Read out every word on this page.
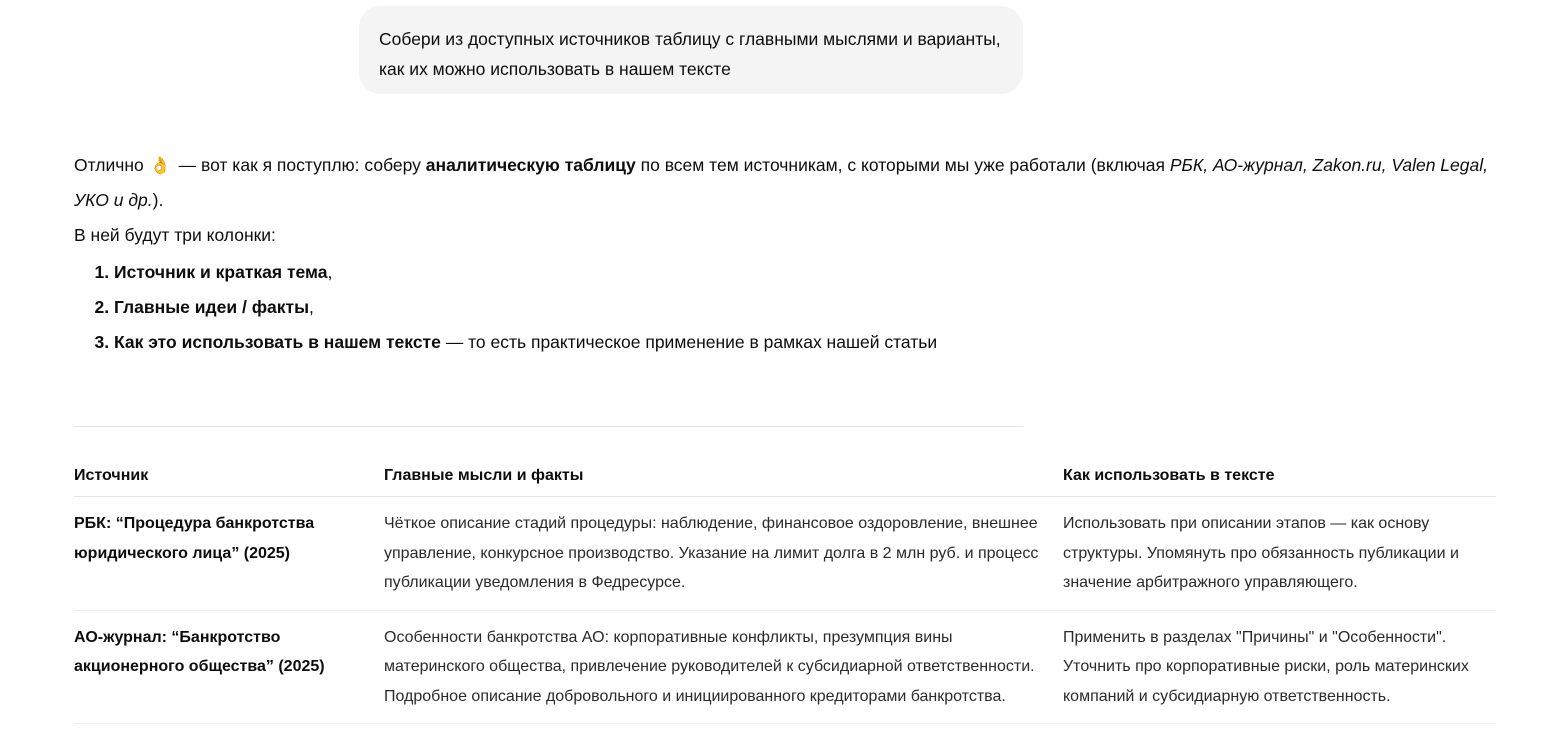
Собери из доступных источников таблицу с главными мыслями и варианты, как их можно использовать в нашем тексте

Отлично 👌 — вот как я поступлю: соберу аналитическую таблицу по всем тем источникам, с которыми мы уже работали (включая РБК, АО-журнал, Zakon.ru, Valen Legal, УКО и др.).

В ней будут три колонки:

1. Источник и краткая тема,
2. Главные идеи / факты,
3. Как это использовать в нашем тексте — то есть практическое применение в рамках нашей статьи
Источник	Главные мысли и факты	Как использовать в тексте
РБК: “Процедура банкротства юридического лица” (2025)	Чёткое описание стадий процедуры: наблюдение, финансовое оздоровление, внешнее управление, конкурсное производство. Указание на лимит долга в 2 млн руб. и процесс публикации уведомления в Федресурсе.	Использовать при описании этапов — как основу структуры. Упомянуть про обязанность публикации и значение арбитражного управляющего.
АО-журнал: “Банкротство акционерного общества” (2025)	Особенности банкротства АО: корпоративные конфликты, презумпция вины материнского общества, привлечение руководителей к субсидиарной ответственности. Подробное описание добровольного и инициированного кредиторами банкротства.	Применить в разделах "Причины" и "Особенности". Уточнить про корпоративные риски, роль материнских компаний и субсидиарную ответственность.
